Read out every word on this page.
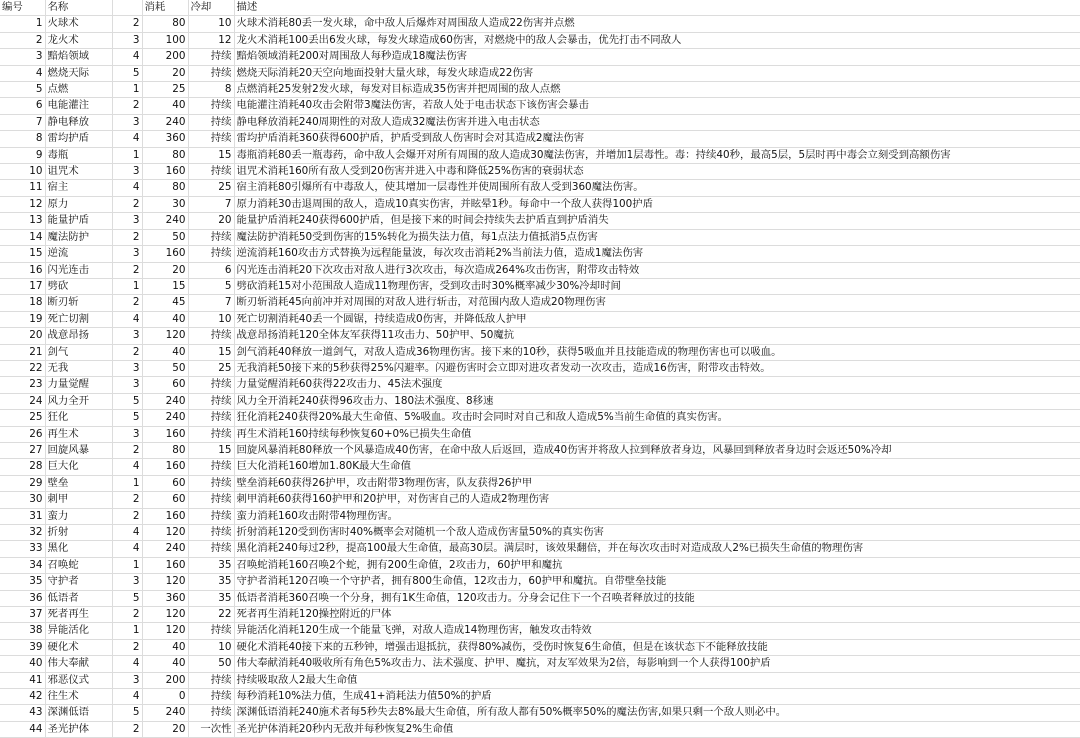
编号	名称		消耗	冷却	描述
1	火球术	2	80	10	火球术消耗80丢一发火球，命中敌人后爆炸对周围敌人造成22伤害并点燃
2	龙火术	3	100	12	龙火术消耗100丢出6发火球，每发火球造成60伤害，对燃烧中的敌人会暴击，优先打击不同敌人
3	黯焰领域	4	200	持续	黯焰领域消耗200对周围敌人每秒造成18魔法伤害
4	燃烧天际	5	20	持续	燃烧天际消耗20天空向地面投射大量火球，每发火球造成22伤害
5	点燃	1	25	8	点燃消耗25发射2发火球，每发对目标造成35伤害并把周围的敌人点燃
6	电能灌注	2	40	持续	电能灌注消耗40攻击会附带3魔法伤害，若敌人处于电击状态下该伤害会暴击
7	静电释放	3	240	持续	静电释放消耗240周期性的对敌人造成32魔法伤害并进入电击状态
8	雷均护盾	4	360	持续	雷均护盾消耗360获得600护盾，护盾受到敌人伤害时会对其造成2魔法伤害
9	毒瓶	1	80	15	毒瓶消耗80丢一瓶毒药，命中敌人会爆开对所有周围的敌人造成30魔法伤害，并增加1层毒性。毒：持续40秒，最高5层，5层时再中毒会立刻受到高额伤害
10	诅咒术	3	160	持续	诅咒术消耗160所有敌人受到20伤害并进入中毒和降低25%伤害的衰弱状态
11	宿主	4	80	25	宿主消耗80引爆所有中毒敌人，使其增加一层毒性并使周围所有敌人受到360魔法伤害。
12	原力	2	30	7	原力消耗30击退周围的敌人，造成10真实伤害，并眩晕1秒。每命中一个敌人获得100护盾
13	能量护盾	3	240	20	能量护盾消耗240获得600护盾，但是接下来的时间会持续失去护盾直到护盾消失
14	魔法防护	2	50	持续	魔法防护消耗50受到伤害的15%转化为损失法力值，每1点法力值抵消5点伤害
15	逆流	3	160	持续	逆流消耗160攻击方式替换为远程能量波，每次攻击消耗2%当前法力值，造成1魔法伤害
16	闪光连击	2	20	6	闪光连击消耗20下次攻击对敌人进行3次攻击，每次造成264%攻击伤害，附带攻击特效
17	劈砍	1	15	5	劈砍消耗15对小范围敌人造成11物理伤害，受到攻击时30%概率减少30%冷却时间
18	断刃斩	2	45	7	断刃斩消耗45向前冲并对周围的对敌人进行斩击，对范围内敌人造成20物理伤害
19	死亡切割	4	40	10	死亡切割消耗40丢一个圆锯，持续造成0伤害，并降低敌人护甲
20	战意昂扬	3	120	持续	战意昂扬消耗120全体友军获得11攻击力、50护甲、50魔抗
21	剑气	2	40	15	剑气消耗40释放一道剑气，对敌人造成36物理伤害。接下来的10秒，获得5吸血并且技能造成的物理伤害也可以吸血。
22	无我	3	50	25	无我消耗50接下来的5秒获得25%闪避率。闪避伤害时会立即对进攻者发动一次攻击，造成16伤害，附带攻击特效。
23	力量觉醒	3	60	持续	力量觉醒消耗60获得22攻击力、45法术强度
24	风力全开	5	240	持续	风力全开消耗240获得96攻击力、180法术强度、8移速
25	狂化	5	240	持续	狂化消耗240获得20%最大生命值、5%吸血。攻击时会同时对自己和敌人造成5%当前生命值的真实伤害。
26	再生术	3	160	持续	再生术消耗160持续每秒恢复60+0%已损失生命值
27	回旋风暴	2	80	15	回旋风暴消耗80释放一个风暴造成40伤害，在命中敌人后返回，造成40伤害并将敌人拉到释放者身边，风暴回到释放者身边时会返还50%冷却
28	巨大化	4	160	持续	巨大化消耗160增加1.80K最大生命值
29	壁垒	1	60	持续	壁垒消耗60获得26护甲，攻击附带3物理伤害，队友获得26护甲
30	刺甲	2	60	持续	刺甲消耗60获得160护甲和20护甲，对伤害自己的人造成2物理伤害
31	蛮力	2	160	持续	蛮力消耗160攻击附带4物理伤害。
32	折射	4	120	持续	折射消耗120受到伤害时40%概率会对随机一个敌人造成伤害量50%的真实伤害
33	黑化	4	240	持续	黑化消耗240每过2秒，提高100最大生命值，最高30层。满层时，该效果翻倍，并在每次攻击时对造成敌人2%已损失生命值的物理伤害
34	召唤蛇	1	160	35	召唤蛇消耗160召唤2个蛇，拥有200生命值，2攻击力，60护甲和魔抗
35	守护者	3	120	35	守护者消耗120召唤一个守护者，拥有800生命值，12攻击力，60护甲和魔抗。自带壁垒技能
36	低语者	5	360	35	低语者消耗360召唤一个分身，拥有1K生命值，120攻击力。分身会记住下一个召唤者释放过的技能
37	死者再生	2	120	22	死者再生消耗120操控附近的尸体
38	异能活化	1	120	持续	异能活化消耗120生成一个能量飞弹，对敌人造成14物理伤害，触发攻击特效
39	硬化术	2	40	10	硬化术消耗40接下来的五秒钟，增强击退抵抗，获得80%减伤，受伤时恢复6生命值，但是在该状态下不能释放技能
40	伟大奉献	4	40	50	伟大奉献消耗40吸收所有角色5%攻击力、法术强度、护甲、魔抗，对友军效果为2倍，每影响到一个人获得100护盾
41	邪恶仪式	3	200	持续	持续吸取敌人2最大生命值
42	往生术	4	0	持续	每秒消耗10%法力值，生成41+消耗法力值50%的护盾
43	深渊低语	5	240	持续	深渊低语消耗240施术者每5秒失去8%最大生命值，所有敌人都有50%概率50%的魔法伤害,如果只剩一个敌人则必中。
44	圣光护体	2	20	一次性	圣光护体消耗20秒内无敌并每秒恢复2%生命值
